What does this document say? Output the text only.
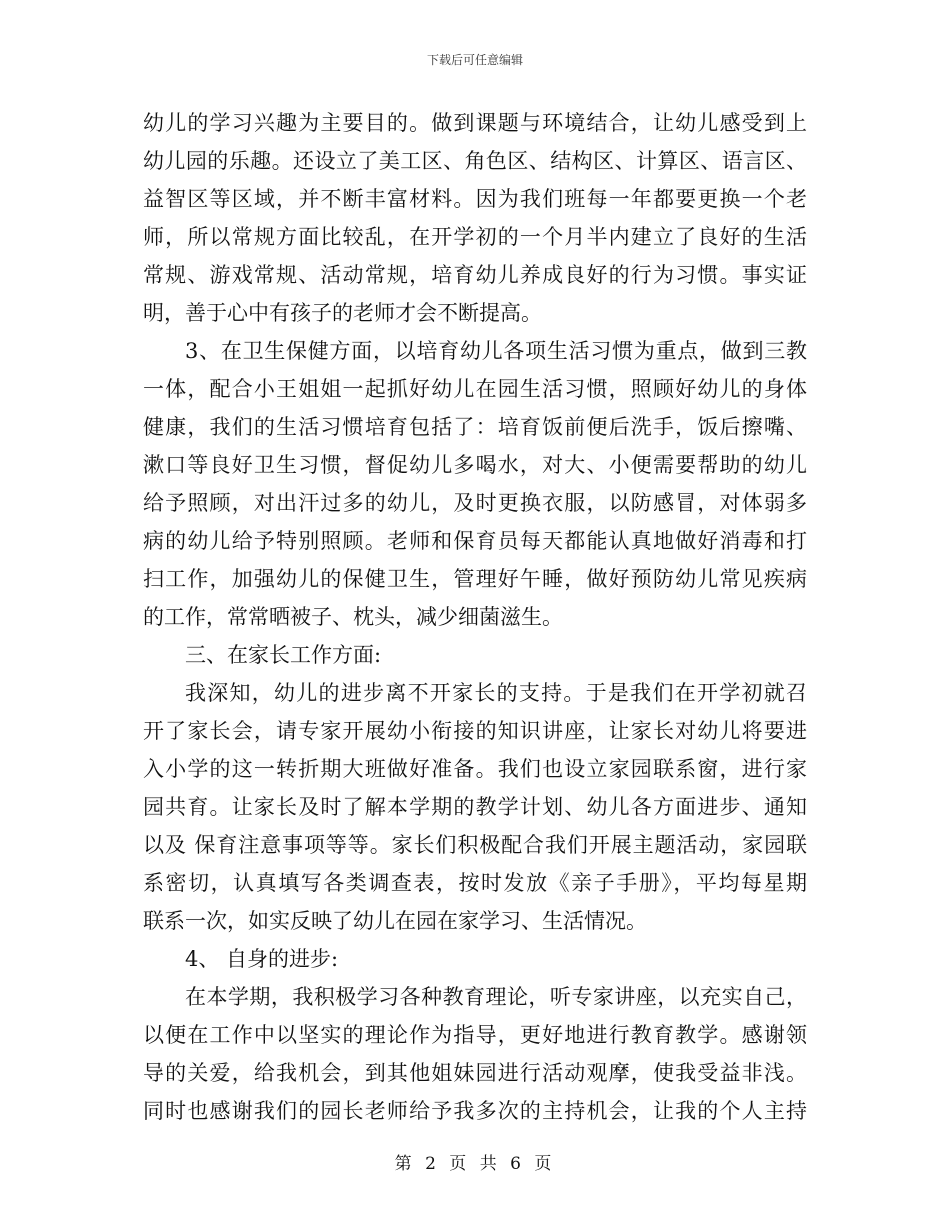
下载后可任意编辑

幼儿的学习兴趣为主要目的。做到课题与环境结合，让幼儿感受到上
幼儿园的乐趣。还设立了美工区、角色区、结构区、计算区、语言区、
益智区等区域，并不断丰富材料。因为我们班每一年都要更换一个老
师，所以常规方面比较乱，在开学初的一个月半内建立了良好的生活
常规、游戏常规、活动常规，培育幼儿养成良好的行为习惯。事实证
明，善于心中有孩子的老师才会不断提高。

3、在卫生保健方面，以培育幼儿各项生活习惯为重点，做到三教
一体，配合小王姐姐一起抓好幼儿在园生活习惯，照顾好幼儿的身体
健康，我们的生活习惯培育包括了：培育饭前便后洗手，饭后擦嘴、
漱口等良好卫生习惯，督促幼儿多喝水，对大、小便需要帮助的幼儿
给予照顾，对出汗过多的幼儿，及时更换衣服，以防感冒，对体弱多
病的幼儿给予特别照顾。老师和保育员每天都能认真地做好消毒和打
扫工作，加强幼儿的保健卫生，管理好午睡，做好预防幼儿常见疾病
的工作，常常晒被子、枕头，减少细菌滋生。

三、在家长工作方面:

我深知，幼儿的进步离不开家长的支持。于是我们在开学初就召
开了家长会，请专家开展幼小衔接的知识讲座，让家长对幼儿将要进
入小学的这一转折期大班做好准备。我们也设立家园联系窗，进行家
园共育。让家长及时了解本学期的教学计划、幼儿各方面进步、通知
以及 保育注意事项等等。家长们积极配合我们开展主题活动，家园联
系密切，认真填写各类调查表，按时发放《亲子手册》，平均每星期
联系一次，如实反映了幼儿在园在家学习、生活情况。

4、 自身的进步:

在本学期，我积极学习各种教育理论，听专家讲座，以充实自己，
以便在工作中以坚实的理论作为指导，更好地进行教育教学。感谢领
导的关爱，给我机会，到其他姐妹园进行活动观摩，使我受益非浅。
同时也感谢我们的园长老师给予我多次的主持机会，让我的个人主持

第 2 页 共 6 页
